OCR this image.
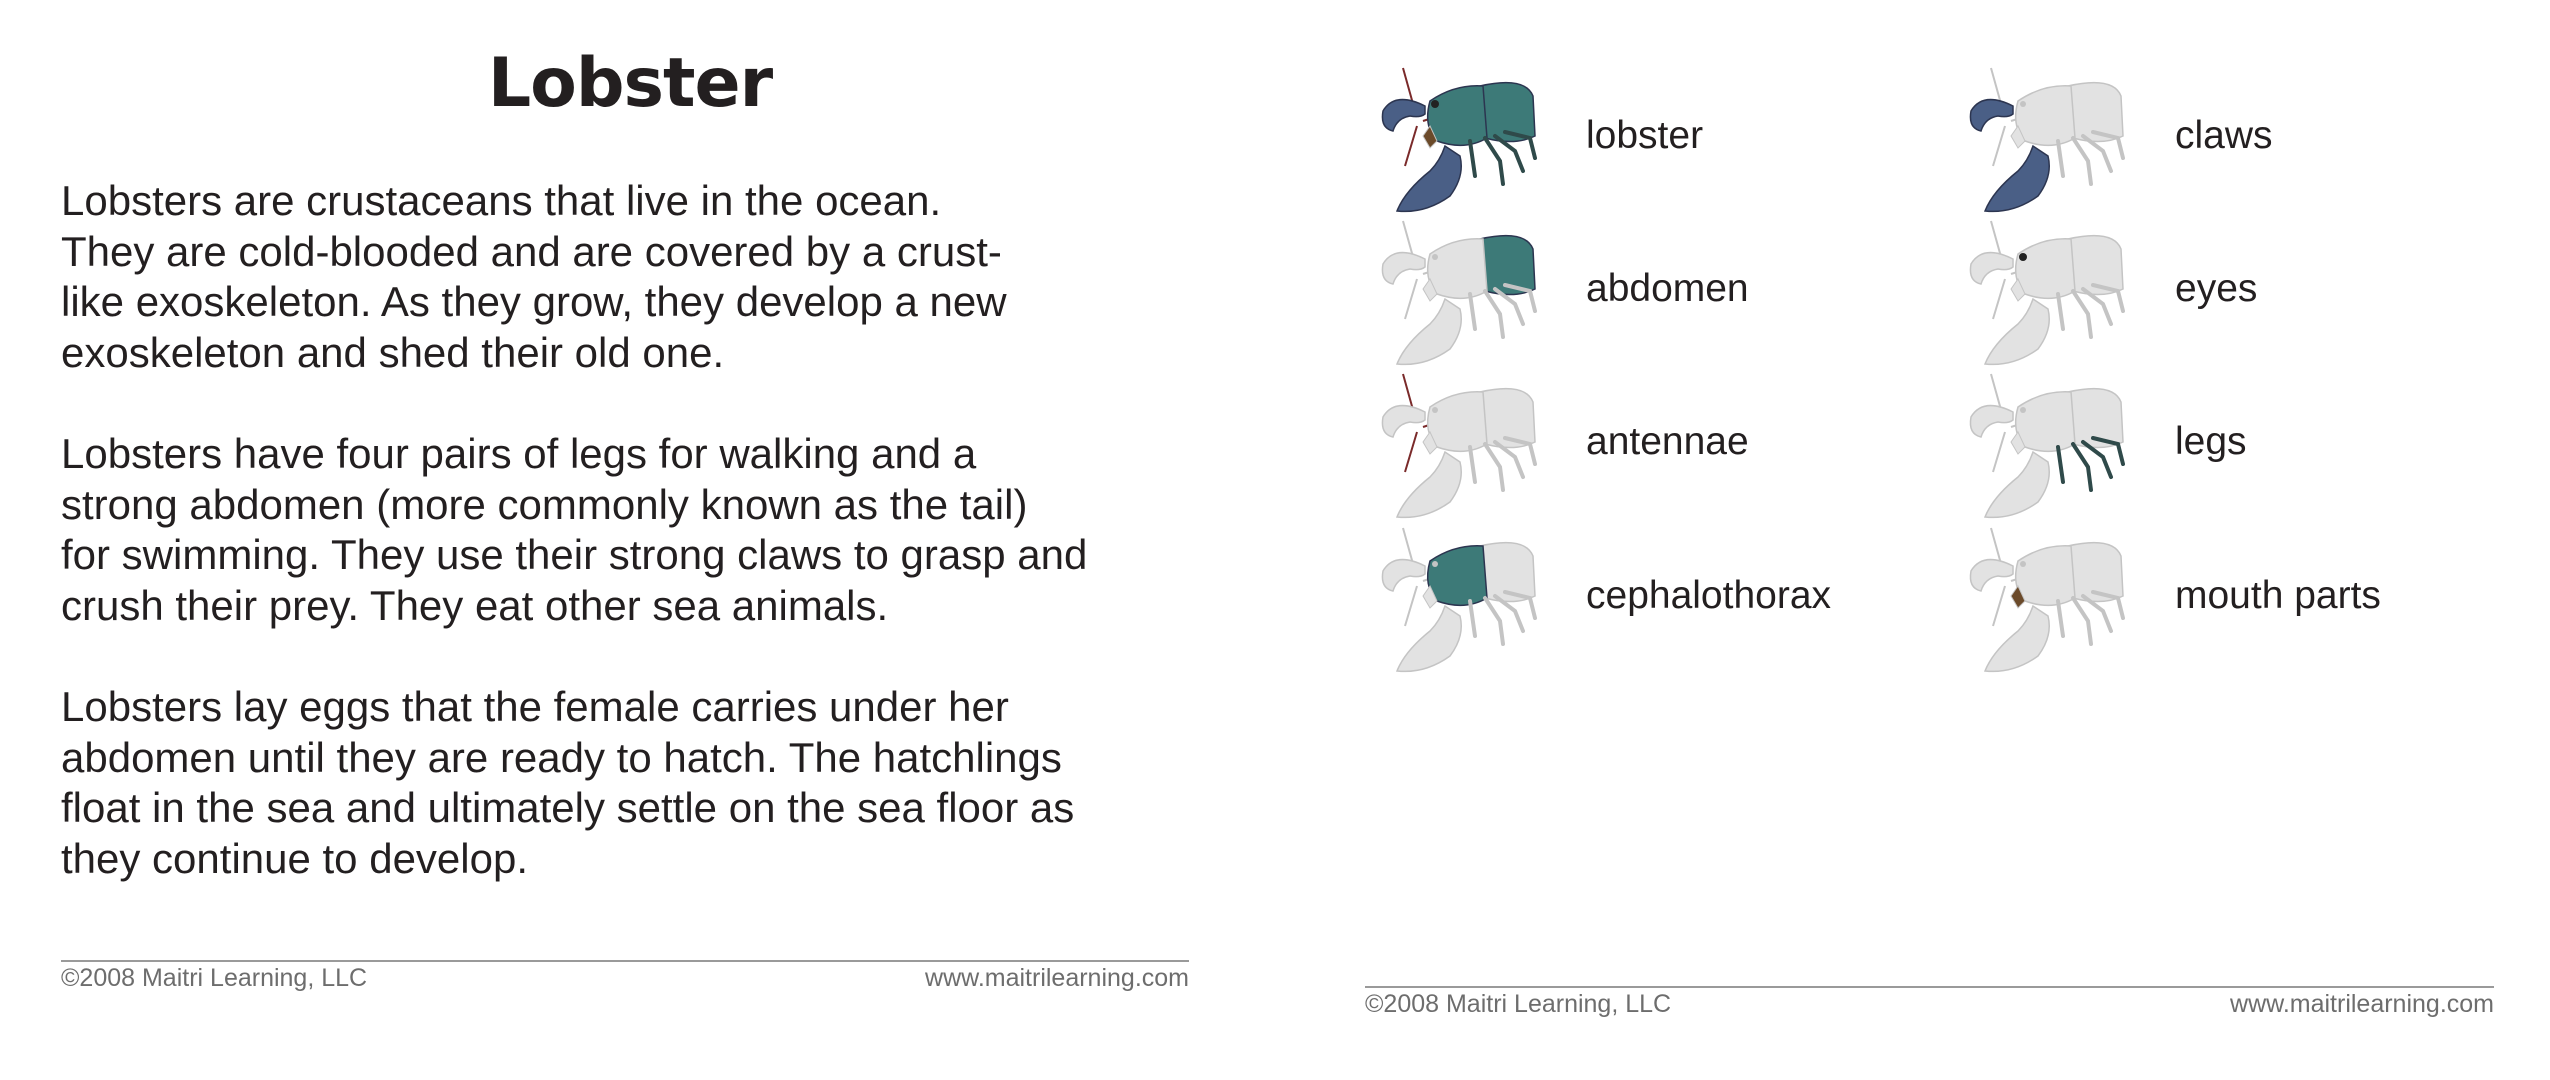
Lobster
Lobsters are crustaceans that live in the ocean.
They are cold-blooded and are covered by a crust-
like exoskeleton. As they grow, they develop a new
exoskeleton and shed their old one.
Lobsters have four pairs of legs for walking and a
strong abdomen (more commonly known as the tail)
for swimming. They use their strong claws to grasp and
crush their prey. They eat other sea animals.
Lobsters lay eggs that the female carries under her
abdomen until they are ready to hatch. The hatchlings
float in the sea and ultimately settle on the sea floor as
they continue to develop.
©2008 Maitri Learning, LLC	www.maitrilearning.com
lobster	claws
abdomen	eyes
antennae	legs
cephalothorax	mouth parts
©2008 Maitri Learning, LLC	www.maitrilearning.com
